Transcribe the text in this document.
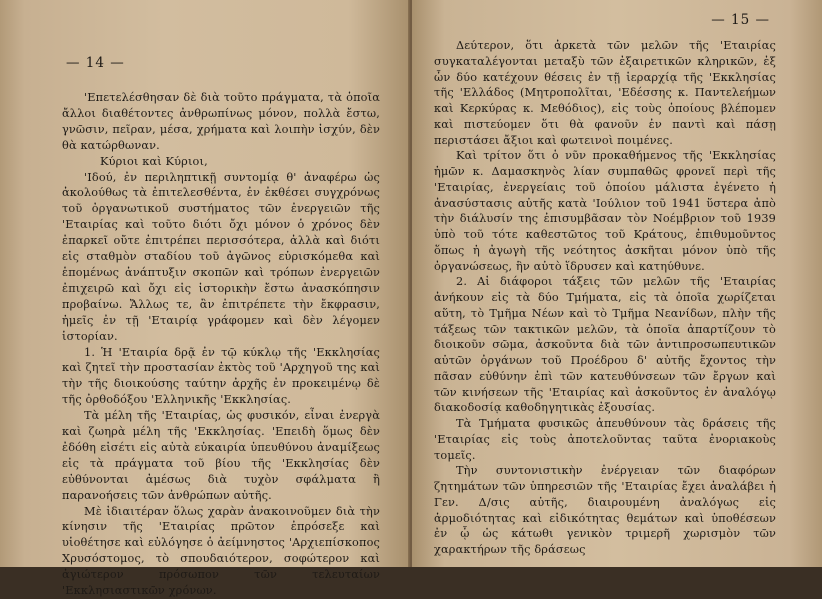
— 14 —

'Επετελέσθησαν δὲ διὰ τοῦτο πράγματα, τὰ ὁποῖα ἄλλοι διαθέτοντες ἀνθρωπίνως μόνον, πολλὰ ἔστω, γνῶσιν, πεῖραν, μέσα, χρήματα καὶ λοιπὴν ἰσχύν, δὲν θὰ κατώρθωναν.

Κύριοι καὶ Κύριοι,

'Ιδού, ἐν περιληπτικῇ συντομίᾳ θ' ἀναφέρω ὡς ἀκολούθως τὰ ἐπιτελεσθέντα, ἐν ἐκθέσει συγχρόνως τοῦ ὀργανωτικοῦ συστήματος τῶν ἐνεργειῶν τῆς 'Εταιρίας καὶ τοῦτο διότι ὄχι μόνον ὁ χρόνος δὲν ἐπαρκεῖ οὔτε ἐπιτρέπει περισσότερα, ἀλλὰ καὶ διότι εἰς σταθμὸν σταδίου τοῦ ἀγῶνος εὑρισκόμεθα καὶ ἑπομένως ἀνάπτυξιν σκοπῶν καὶ τρόπων ἐνεργειῶν ἐπιχειρῶ καὶ ὄχι εἰς ἱστορικὴν ἔστω ἀνασκόπησιν προβαίνω. Ἄλλως τε, ἂν ἐπιτρέπετε τὴν ἔκφρασιν, ἡμεῖς ἐν τῇ 'Εταιρίᾳ γράφομεν καὶ δὲν λέγομεν ἱστορίαν.

1. Ἡ 'Εταιρία δρᾷ ἐν τῷ κύκλῳ τῆς 'Εκκλησίας καὶ ζητεῖ τὴν προστασίαν ἐκτὸς τοῦ 'Αρχηγοῦ της καὶ τὴν τῆς διοικούσης ταύτην ἀρχῆς ἐν προκειμένῳ δὲ τῆς ὀρθοδόξου 'Ελληνικῆς 'Εκκλησίας.

Τὰ μέλη τῆς 'Εταιρίας, ὡς φυσικόν, εἶναι ἐνεργὰ καὶ ζωηρὰ μέλη τῆς 'Εκκλησίας. 'Επειδὴ ὅμως δὲν ἐδόθη εἰσέτι εἰς αὐτὰ εὐκαιρία ὑπευθύνου ἀναμίξεως εἰς τὰ πράγματα τοῦ βίου τῆς 'Εκκλησίας δὲν εὐθύνονται ἀμέσως διὰ τυχὸν σφάλματα ἢ παρανοήσεις τῶν ἀνθρώπων αὐτῆς.

Μὲ ἰδιαιτέραν ὅλως χαρὰν ἀνακοινοῦμεν διὰ τὴν κίνησιν τῆς 'Εταιρίας πρῶτον ἐπρόσεξε καὶ υἱοθέτησε καὶ εὐλόγησε ὁ ἀείμνηστος 'Αρχιεπίσκοπος Χρυσόστομος, τὸ σπουδαιότερον, σοφώτερον καὶ ἀγιώτερον πρόσωπον τῶν τελευταίων 'Εκκλησιαστικῶν χρόνων.

— 15 —

Δεύτερον, ὅτι ἀρκετὰ τῶν μελῶν τῆς 'Εταιρίας συγκαταλέγονται μεταξὺ τῶν ἐξαιρετικῶν κληρικῶν, ἐξ ὧν δύο κατέχουν θέσεις ἐν τῇ ἱεραρχίᾳ τῆς 'Εκκλησίας τῆς 'Ελλάδος (Μητροπολῖται, 'Εδέσσης κ. Παντελεήμων καὶ Κερκύρας κ. Μεθόδιος), εἰς τοὺς ὁποίους βλέπομεν καὶ πιστεύομεν ὅτι θὰ φανοῦν ἐν παντὶ καὶ πάσῃ περιστάσει ἄξιοι καὶ φωτεινοὶ ποιμένες.

Καὶ τρίτον ὅτι ὁ νῦν προκαθήμενος τῆς 'Εκκλησίας ἡμῶν κ. Δαμασκηνὸς λίαν συμπαθῶς φρονεῖ περὶ τῆς 'Εταιρίας, ἐνεργείαις τοῦ ὁποίου μάλιστα ἐγένετο ἡ ἀνασύστασις αὐτῆς κατὰ 'Ιούλιον τοῦ 1941 ὕστερα ἀπὸ τὴν διάλυσίν της ἐπισυμβᾶσαν τὸν Νοέμβριον τοῦ 1939 ὑπὸ τοῦ τότε καθεστῶτος τοῦ Κράτους, ἐπιθυμοῦντος ὅπως ἡ ἀγωγὴ τῆς νεότητος ἀσκῆται μόνον ὑπὸ τῆς ὀργανώσεως, ἣν αὐτὸ ἵδρυσεν καὶ κατηύθυνε.

2. Αἱ διάφοροι τάξεις τῶν μελῶν τῆς 'Εταιρίας ἀνήκουν εἰς τὰ δύο Τμήματα, εἰς τὰ ὁποῖα χωρίζεται αὕτη, τὸ Τμῆμα Νέων καὶ τὸ Τμῆμα Νεανίδων, πλὴν τῆς τάξεως τῶν τακτικῶν μελῶν, τὰ ὁποῖα ἀπαρτίζουν τὸ διοικοῦν σῶμα, ἀσκοῦντα διὰ τῶν ἀντιπροσωπευτικῶν αὐτῶν ὀργάνων τοῦ Προέδρου δ' αὐτῆς ἔχοντος τὴν πᾶσαν εὐθύνην ἐπὶ τῶν κατευθύνσεων τῶν ἔργων καὶ τῶν κινήσεων τῆς 'Εταιρίας καὶ ἀσκοῦντος ἐν ἀναλόγῳ διακοδοσίᾳ καθοδηγητικὰς ἐξουσίας.

Τὰ Τμήματα φυσικῶς ἀπευθύνουν τὰς δράσεις τῆς 'Εταιρίας εἰς τοὺς ἀποτελοῦντας ταῦτα ἐνοριακοὺς τομεῖς.

Τὴν συντονιστικὴν ἐνέργειαν τῶν διαφόρων ζητημάτων τῶν ὑπηρεσιῶν τῆς 'Εταιρίας ἔχει ἀναλάβει ἡ Γεν. Δ/σις αὐτῆς, διαιρουμένη ἀναλόγως εἰς ἁρμοδιότητας καὶ εἰδικότητας θεμάτων καὶ ὑποθέσεων ἐν ᾧ ὡς κάτωθι γενικὸν τριμερῆ χωρισμὸν τῶν χαρακτήρων τῆς δράσεως
